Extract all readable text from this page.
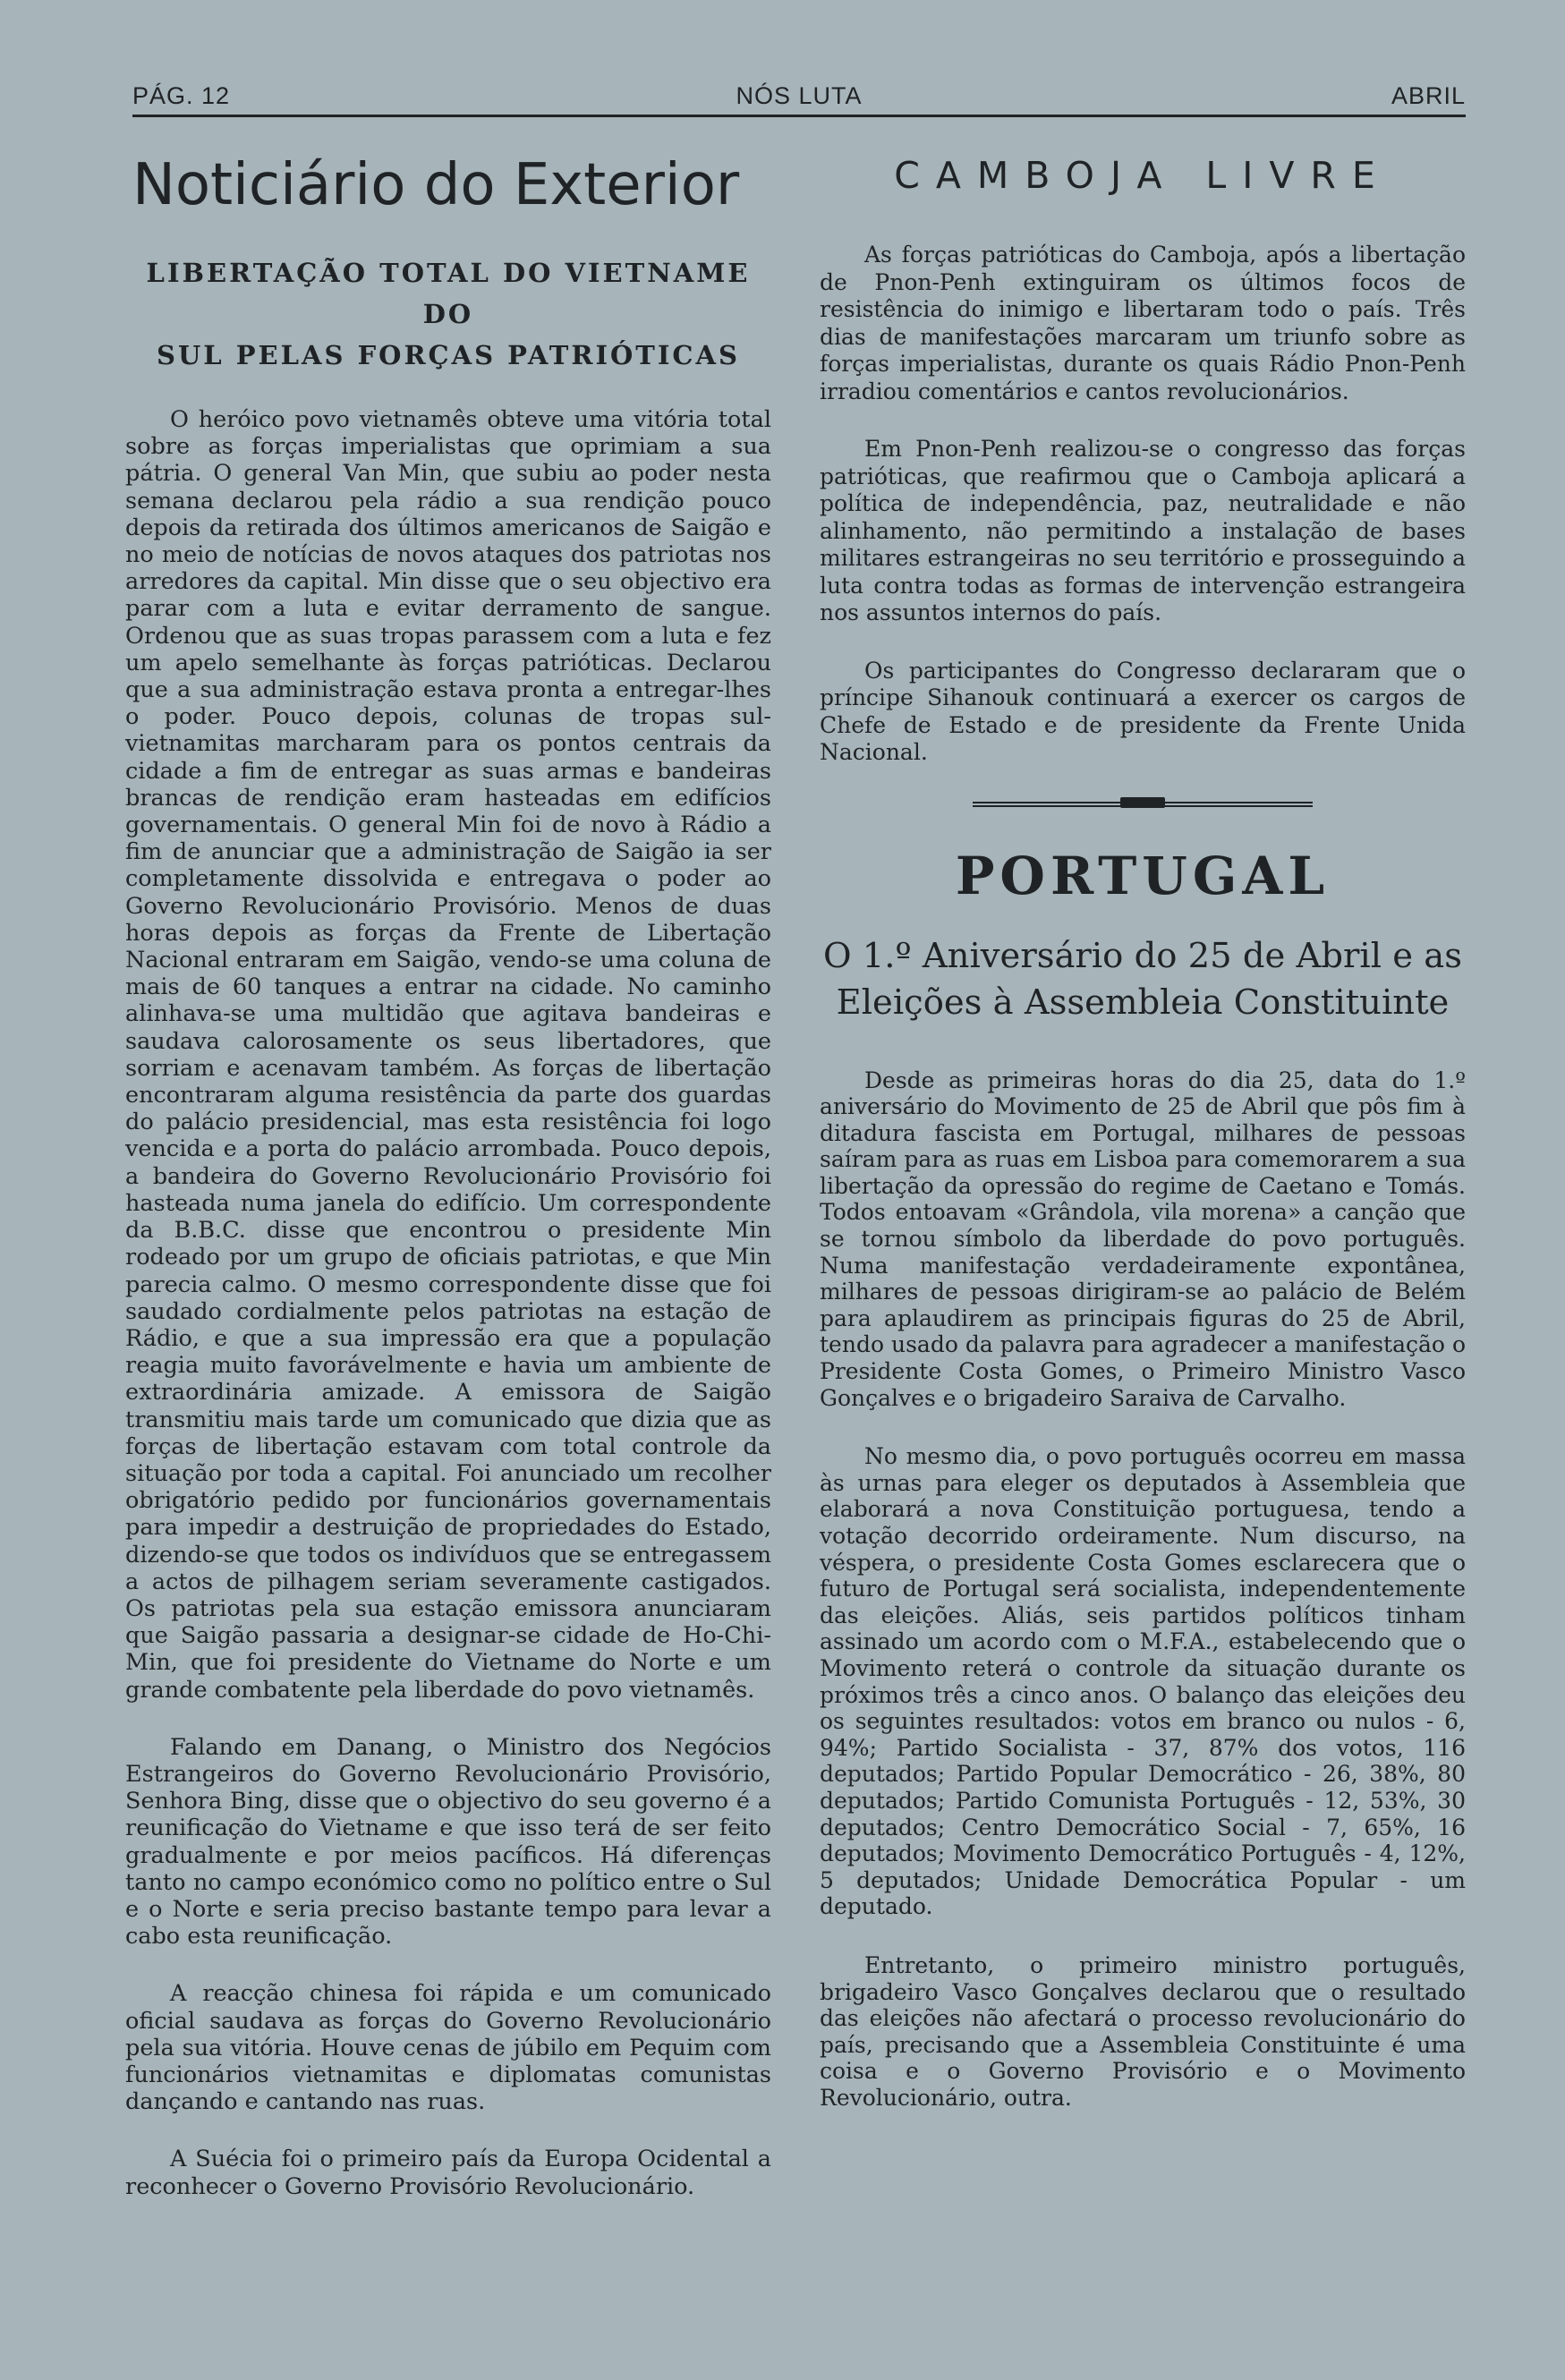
PÁG. 12	NÓS LUTA	ABRIL
Noticiário do Exterior
LIBERTAÇÃO TOTAL DO VIETNAME DO
SUL PELAS FORÇAS PATRIÓTICAS

O heróico povo vietnamês obteve uma vitória total sobre as forças imperialistas que oprimiam a sua pátria. O general Van Min, que subiu ao poder nesta semana declarou pela rádio a sua rendição pouco depois da retirada dos últimos americanos de Saigão e no meio de notícias de novos ataques dos patriotas nos arredores da capital. Min disse que o seu objectivo era parar com a luta e evitar derramento de sangue. Ordenou que as suas tropas parassem com a luta e fez um apelo semelhante às forças patrióticas. Declarou que a sua administração estava pronta a entregar-lhes o poder. Pouco depois, colunas de tropas sul-vietnamitas marcharam para os pontos centrais da cidade a fim de entregar as suas armas e bandeiras brancas de rendição eram hasteadas em edifícios governamentais. O general Min foi de novo à Rádio a fim de anunciar que a administração de Saigão ia ser completamente dissolvida e entregava o poder ao Governo Revolucionário Provisório. Menos de duas horas depois as forças da Frente de Libertação Nacional entraram em Saigão, vendo-se uma coluna de mais de 60 tanques a entrar na cidade. No caminho alinhava-se uma multidão que agitava bandeiras e saudava calorosamente os seus libertadores, que sorriam e acenavam também. As forças de libertação encontraram alguma resistência da parte dos guardas do palácio presidencial, mas esta resistência foi logo vencida e a porta do palácio arrombada. Pouco depois, a bandeira do Governo Revolucionário Provisório foi hasteada numa janela do edifício. Um correspondente da B.B.C. disse que encontrou o presidente Min rodeado por um grupo de oficiais patriotas, e que Min parecia calmo. O mesmo correspondente disse que foi saudado cordialmente pelos patriotas na estação de Rádio, e que a sua impressão era que a população reagia muito favorávelmente e havia um ambiente de extraordinária amizade. A emissora de Saigão transmitiu mais tarde um comunicado que dizia que as forças de libertação estavam com total controle da situação por toda a capital. Foi anunciado um recolher obrigatório pedido por funcionários governamentais para impedir a destruição de propriedades do Estado, dizendo-se que todos os indivíduos que se entregassem a actos de pilhagem seriam severamente castigados. Os patriotas pela sua estação emissora anunciaram que Saigão passaria a designar-se cidade de Ho-Chi-Min, que foi presidente do Vietname do Norte e um grande combatente pela liberdade do povo vietnamês.

Falando em Danang, o Ministro dos Negócios Estrangeiros do Governo Revolucionário Provisório, Senhora Bing, disse que o objectivo do seu governo é a reunificação do Vietname e que isso terá de ser feito gradualmente e por meios pacíficos. Há diferenças tanto no campo económico como no político entre o Sul e o Norte e seria preciso bastante tempo para levar a cabo esta reunificação.

A reacção chinesa foi rápida e um comunicado oficial saudava as forças do Governo Revolucionário pela sua vitória. Houve cenas de júbilo em Pequim com funcionários vietnamitas e diplomatas comunistas dançando e cantando nas ruas.

A Suécia foi o primeiro país da Europa Ocidental a reconhecer o Governo Provisório Revolucionário.

CAMBOJA LIVRE

As forças patrióticas do Camboja, após a libertação de Pnon-Penh extinguiram os últimos focos de resistência do inimigo e libertaram todo o país. Três dias de manifestações marcaram um triunfo sobre as forças imperialistas, durante os quais Rádio Pnon-Penh irradiou comentários e cantos revolucionários.

Em Pnon-Penh realizou-se o congresso das forças patrióticas, que reafirmou que o Camboja aplicará a política de independência, paz, neutralidade e não alinhamento, não permitindo a instalação de bases militares estrangeiras no seu território e prosseguindo a luta contra todas as formas de intervenção estrangeira nos assuntos internos do país.

Os participantes do Congresso declararam que o príncipe Sihanouk continuará a exercer os cargos de Chefe de Estado e de presidente da Frente Unida Nacional.

PORTUGAL
O 1.º Aniversário do 25 de Abril e as
Eleições à Assembleia Constituinte

Desde as primeiras horas do dia 25, data do 1.º aniversário do Movimento de 25 de Abril que pôs fim à ditadura fascista em Portugal, milhares de pessoas saíram para as ruas em Lisboa para comemorarem a sua libertação da opressão do regime de Caetano e Tomás. Todos entoavam «Grândola, vila morena» a canção que se tornou símbolo da liberdade do povo português. Numa manifestação verdadeiramente expontânea, milhares de pessoas dirigiram-se ao palácio de Belém para aplaudirem as principais figuras do 25 de Abril, tendo usado da palavra para agradecer a manifestação o Presidente Costa Gomes, o Primeiro Ministro Vasco Gonçalves e o brigadeiro Saraiva de Carvalho.

No mesmo dia, o povo português ocorreu em massa às urnas para eleger os deputados à Assembleia que elaborará a nova Constituição portuguesa, tendo a votação decorrido ordeiramente. Num discurso, na véspera, o presidente Costa Gomes esclarecera que o futuro de Portugal será socialista, independentemente das eleições. Aliás, seis partidos políticos tinham assinado um acordo com o M.F.A., estabelecendo que o Movimento reterá o controle da situação durante os próximos três a cinco anos. O balanço das eleições deu os seguintes resultados: votos em branco ou nulos - 6, 94%; Partido Socialista - 37, 87% dos votos, 116 deputados; Partido Popular Democrático - 26, 38%, 80 deputados; Partido Comunista Português - 12, 53%, 30 deputados; Centro Democrático Social - 7, 65%, 16 deputados; Movimento Democrático Português - 4, 12%, 5 deputados; Unidade Democrática Popular - um deputado.

Entretanto, o primeiro ministro português, brigadeiro Vasco Gonçalves declarou que o resultado das eleições não afectará o processo revolucionário do país, precisando que a Assembleia Constituinte é uma coisa e o Governo Provisório e o Movimento Revolucionário, outra.
